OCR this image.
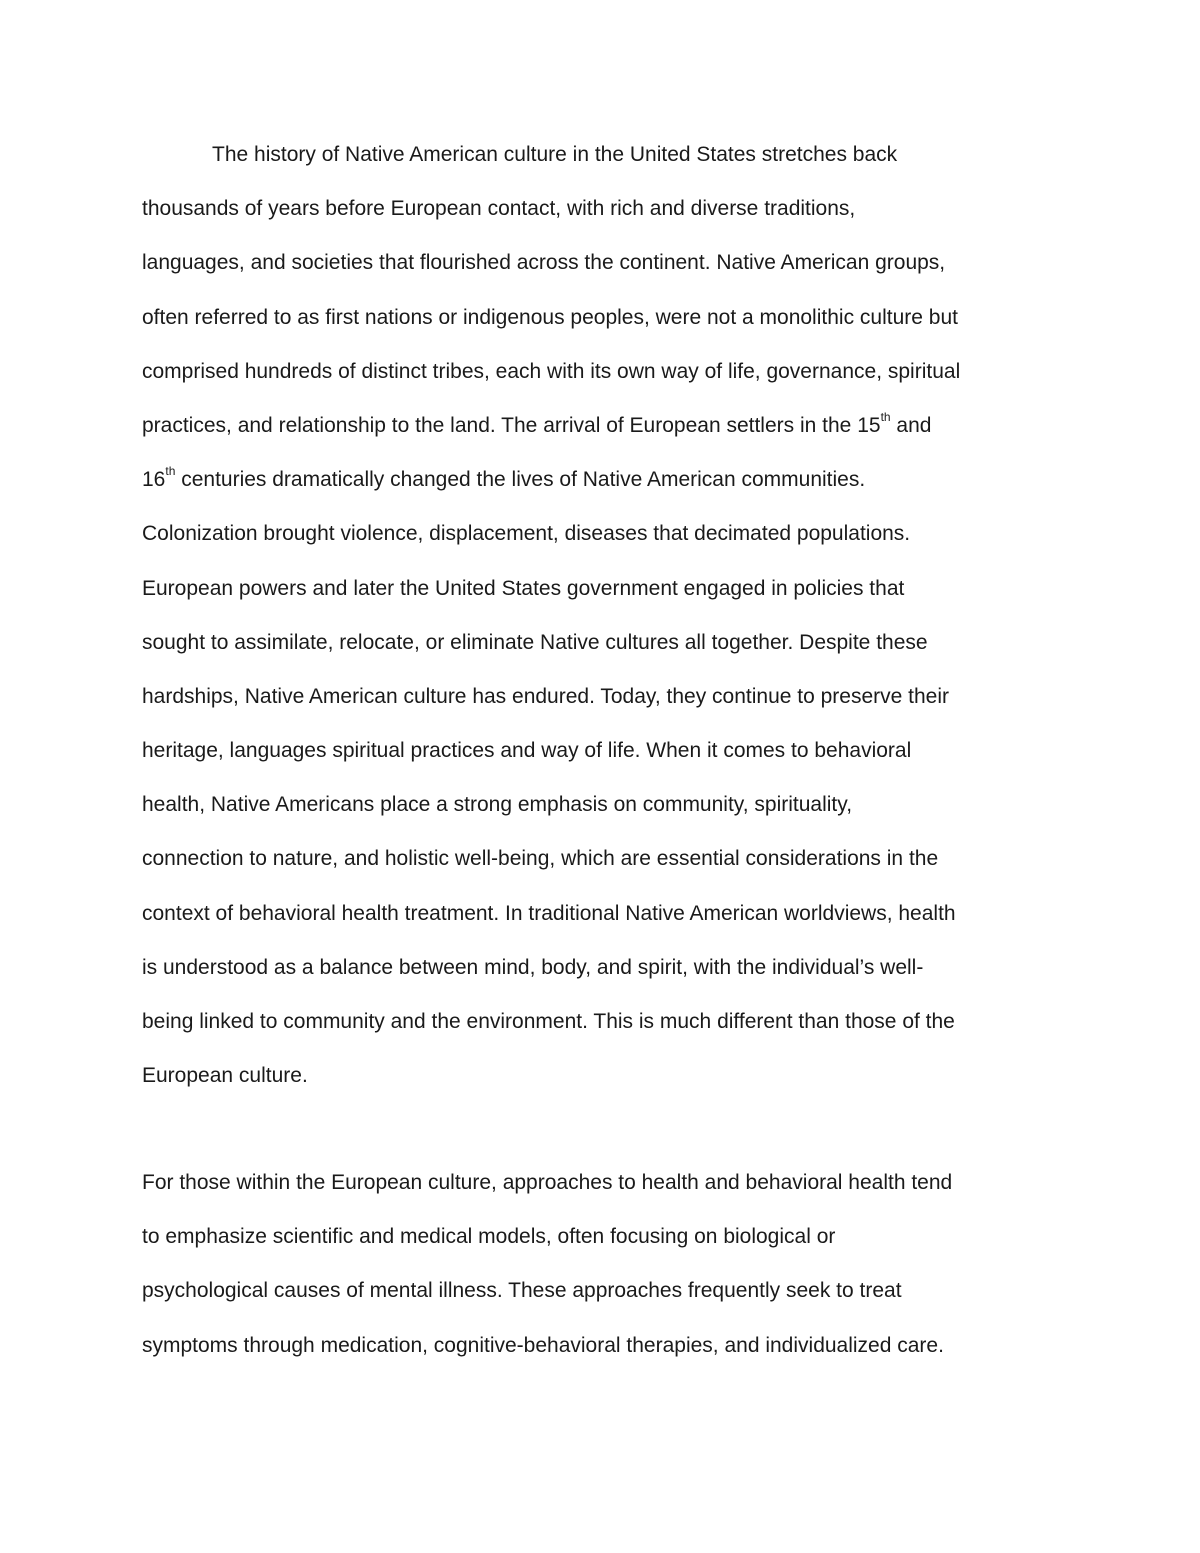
The history of Native American culture in the United States stretches back
thousands of years before European contact, with rich and diverse traditions,
languages, and societies that flourished across the continent. Native American groups,
often referred to as first nations or indigenous peoples, were not a monolithic culture but
comprised hundreds of distinct tribes, each with its own way of life, governance, spiritual
practices, and relationship to the land. The arrival of European settlers in the 15th and
16th centuries dramatically changed the lives of Native American communities.
Colonization brought violence, displacement, diseases that decimated populations.
European powers and later the United States government engaged in policies that
sought to assimilate, relocate, or eliminate Native cultures all together. Despite these
hardships, Native American culture has endured. Today, they continue to preserve their
heritage, languages spiritual practices and way of life. When it comes to behavioral
health, Native Americans place a strong emphasis on community, spirituality,
connection to nature, and holistic well-being, which are essential considerations in the
context of behavioral health treatment. In traditional Native American worldviews, health
is understood as a balance between mind, body, and spirit, with the individual’s well-
being linked to community and the environment. This is much different than those of the
European culture.
For those within the European culture, approaches to health and behavioral health tend
to emphasize scientific and medical models, often focusing on biological or
psychological causes of mental illness. These approaches frequently seek to treat
symptoms through medication, cognitive-behavioral therapies, and individualized care.
